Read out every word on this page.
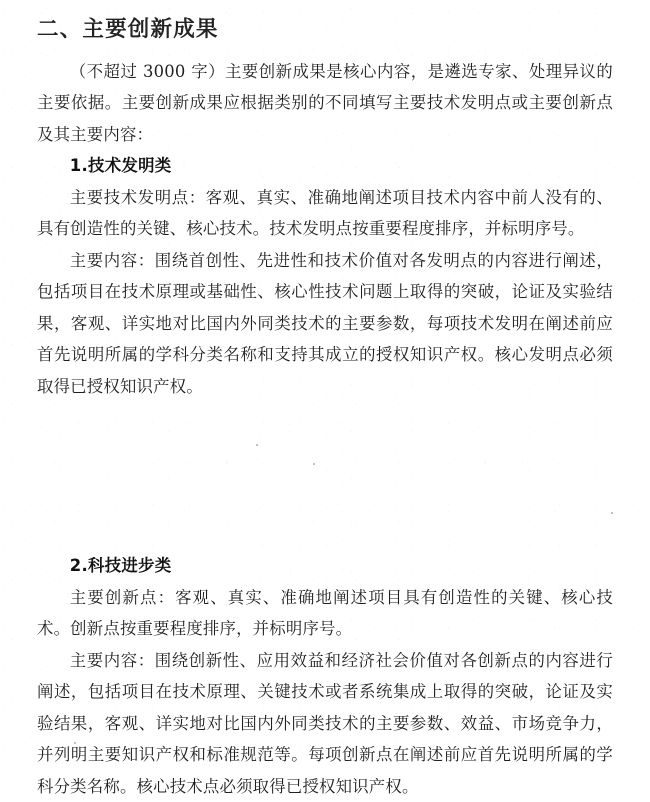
二、主要创新成果

（不超过 3000 字）主要创新成果是核心内容，是遴选专家、处理异议的主要依据。主要创新成果应根据类别的不同填写主要技术发明点或主要创新点及其主要内容：

1.技术发明类

主要技术发明点：客观、真实、准确地阐述项目技术内容中前人没有的、具有创造性的关键、核心技术。技术发明点按重要程度排序，并标明序号。

主要内容：围绕首创性、先进性和技术价值对各发明点的内容进行阐述，包括项目在技术原理或基础性、核心性技术问题上取得的突破，论证及实验结果，客观、详实地对比国内外同类技术的主要参数，每项技术发明在阐述前应首先说明所属的学科分类名称和支持其成立的授权知识产权。核心发明点必须取得已授权知识产权。

2.科技进步类

主要创新点：客观、真实、准确地阐述项目具有创造性的关键、核心技术。创新点按重要程度排序，并标明序号。

主要内容：围绕创新性、应用效益和经济社会价值对各创新点的内容进行阐述，包括项目在技术原理、关键技术或者系统集成上取得的突破，论证及实验结果，客观、详实地对比国内外同类技术的主要参数、效益、市场竞争力，并列明主要知识产权和标准规范等。每项创新点在阐述前应首先说明所属的学科分类名称。核心技术点必须取得已授权知识产权。
